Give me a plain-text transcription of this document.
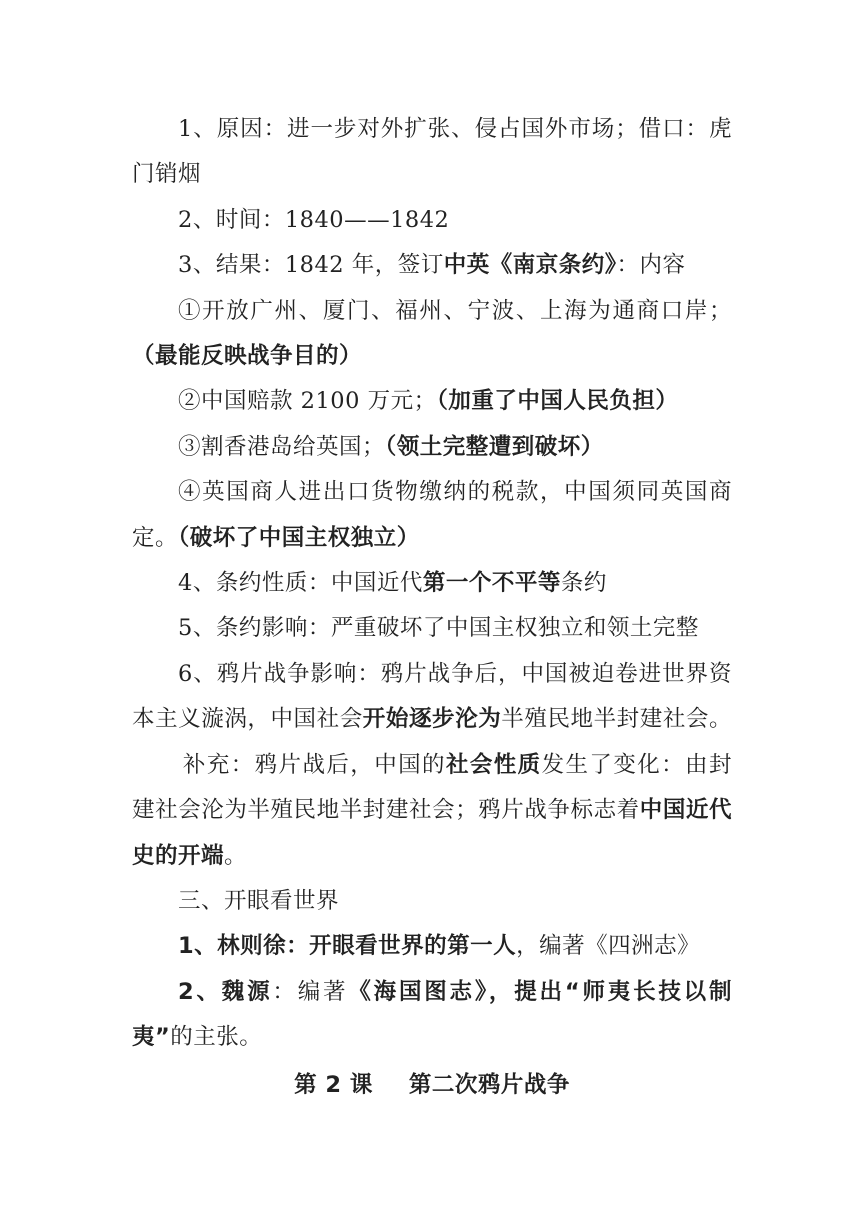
1、原因：进一步对外扩张、侵占国外市场；借口：虎门销烟

2、时间：1840——1842

3、结果：1842 年，签订中英《南京条约》：内容

①开放广州、厦门、福州、宁波、上海为通商口岸；（最能反映战争目的）

②中国赔款 2100 万元；（加重了中国人民负担）

③割香港岛给英国；（领土完整遭到破坏）

④英国商人进出口货物缴纳的税款，中国须同英国商定。（破坏了中国主权独立）

4、条约性质：中国近代第一个不平等条约

5、条约影响：严重破坏了中国主权独立和领土完整

6、鸦片战争影响：鸦片战争后，中国被迫卷进世界资本主义漩涡，中国社会开始逐步沦为半殖民地半封建社会。补充：鸦片战后，中国的社会性质发生了变化：由封建社会沦为半殖民地半封建社会；鸦片战争标志着中国近代史的开端。

三、开眼看世界

1、林则徐：开眼看世界的第一人，编著《四洲志》

2、魏源：编著《海国图志》，提出“师夷长技以制夷”的主张。

第 2 课 第二次鸦片战争
